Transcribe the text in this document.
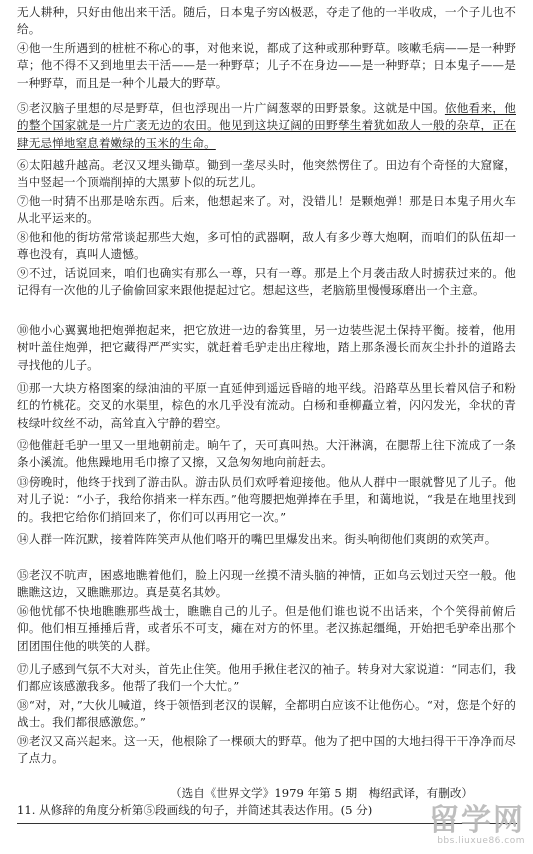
无人耕种，只好由他出来干活。随后，日本鬼子穷凶极恶，夺走了他的一半收成，一个子儿也不给。

④他一生所遇到的桩桩不称心的事，对他来说，都成了这种或那种野草。咳嗽毛病——是一种野草；他不得不又到地里去干活——是一种野草；儿子不在身边——是一种野草；日本鬼子——是一种野草，而且是一种个儿最大的野草。

⑤老汉脑子里想的尽是野草，但也浮现出一片广阔葱翠的田野景象。这就是中国。依他看来，他的整个国家就是一片广袤无边的农田。他见到这块辽阔的田野孳生着犹如敌人一般的杂草，正在肆无忌惮地窒息着嫩绿的玉米的生命。

⑥太阳越升越高。老汉又埋头锄草。锄到一垄尽头时，他突然愣住了。田边有个奇怪的大窟窿，当中竖起一个顶端削掉的大黑萝卜似的玩艺儿。

⑦他一时猜不出那是啥东西。后来，他想起来了。对，没错儿！是颗炮弹！那是日本鬼子用火车从北平运来的。

⑧他和他的街坊常常谈起那些大炮，多可怕的武器啊，敌人有多少尊大炮啊，而咱们的队伍却一尊也没有，真叫人遗憾。

⑨不过，话说回来，咱们也确实有那么一尊，只有一尊。那是上个月袭击敌人时掳获过来的。他记得有一次他的儿子偷偷回家来跟他提起过它。想起这些，老脑筋里慢慢琢磨出一个主意。

⑩他小心翼翼地把炮弹抱起来，把它放进一边的畚箕里，另一边装些泥土保持平衡。接着，他用树叶盖住炮弹，把它藏得严严实实，就赶着毛驴走出庄稼地，踏上那条漫长而灰尘扑扑的道路去寻找他的儿子。

⑪那一大块方格图案的绿油油的平原一直延伸到遥远昏暗的地平线。沿路草丛里长着风信子和粉红的竹桃花。交叉的水渠里，棕色的水几乎没有流动。白杨和垂柳矗立着，闪闪发光，伞状的青枝绿叶纹丝不动，高耸直入宁静的碧空。

⑫他催赶毛驴一里又一里地朝前走。晌午了，天可真叫热。大汗淋漓，在腮帮上往下流成了一条条小溪流。他焦躁地用毛巾擦了又擦，又急匆匆地向前赶去。

⑬傍晚时，他终于找到了游击队。游击队员们欢呼着迎接他。他从人群中一眼就瞥见了儿子。他对儿子说：“小子，我给你捎来一样东西。”他弯腰把炮弹捧在手里，和蔼地说，“我是在地里找到的。我把它给你们捎回来了，你们可以再用它一次。”

⑭人群一阵沉默，接着阵阵笑声从他们咯开的嘴巴里爆发出来。街头响彻他们爽朗的欢笑声。

⑮老汉不吭声，困惑地瞧着他们，脸上闪现一丝摸不清头脑的神情，正如乌云划过天空一般。他瞧瞧这边，又瞧瞧那边。真是莫名其妙。

⑯他忧郁不快地瞧瞧那些战士，瞧瞧自己的儿子。但是他们谁也说不出话来，个个笑得前俯后仰。他们相互捶捶后背，或者乐不可支，瘫在对方的怀里。老汉拣起缰绳，开始把毛驴牵出那个团团围住他的哄笑的人群。

⑰儿子感到气氛不大对头，首先止住笑。他用手揪住老汉的袖子。转身对大家说道：“同志们，我们都应该感激我多。他帮了我们一个大忙。”

⑱“对，对，”大伙儿喊道，终于领悟到老汉的误解，全都明白应该不让他伤心。“对，您是个好的战士。我们都很感激您。”

⑲老汉又高兴起来。这一天，他根除了一棵硕大的野草。他为了把中国的大地扫得干干净净而尽了点力。

（选自《世界文学》1979 年第 5 期　梅绍武译，有删改）
11. 从修辞的角度分析第⑤段画线的句子，并简述其表达作用。(5 分)	留学网
bbs.liuxue86.com
